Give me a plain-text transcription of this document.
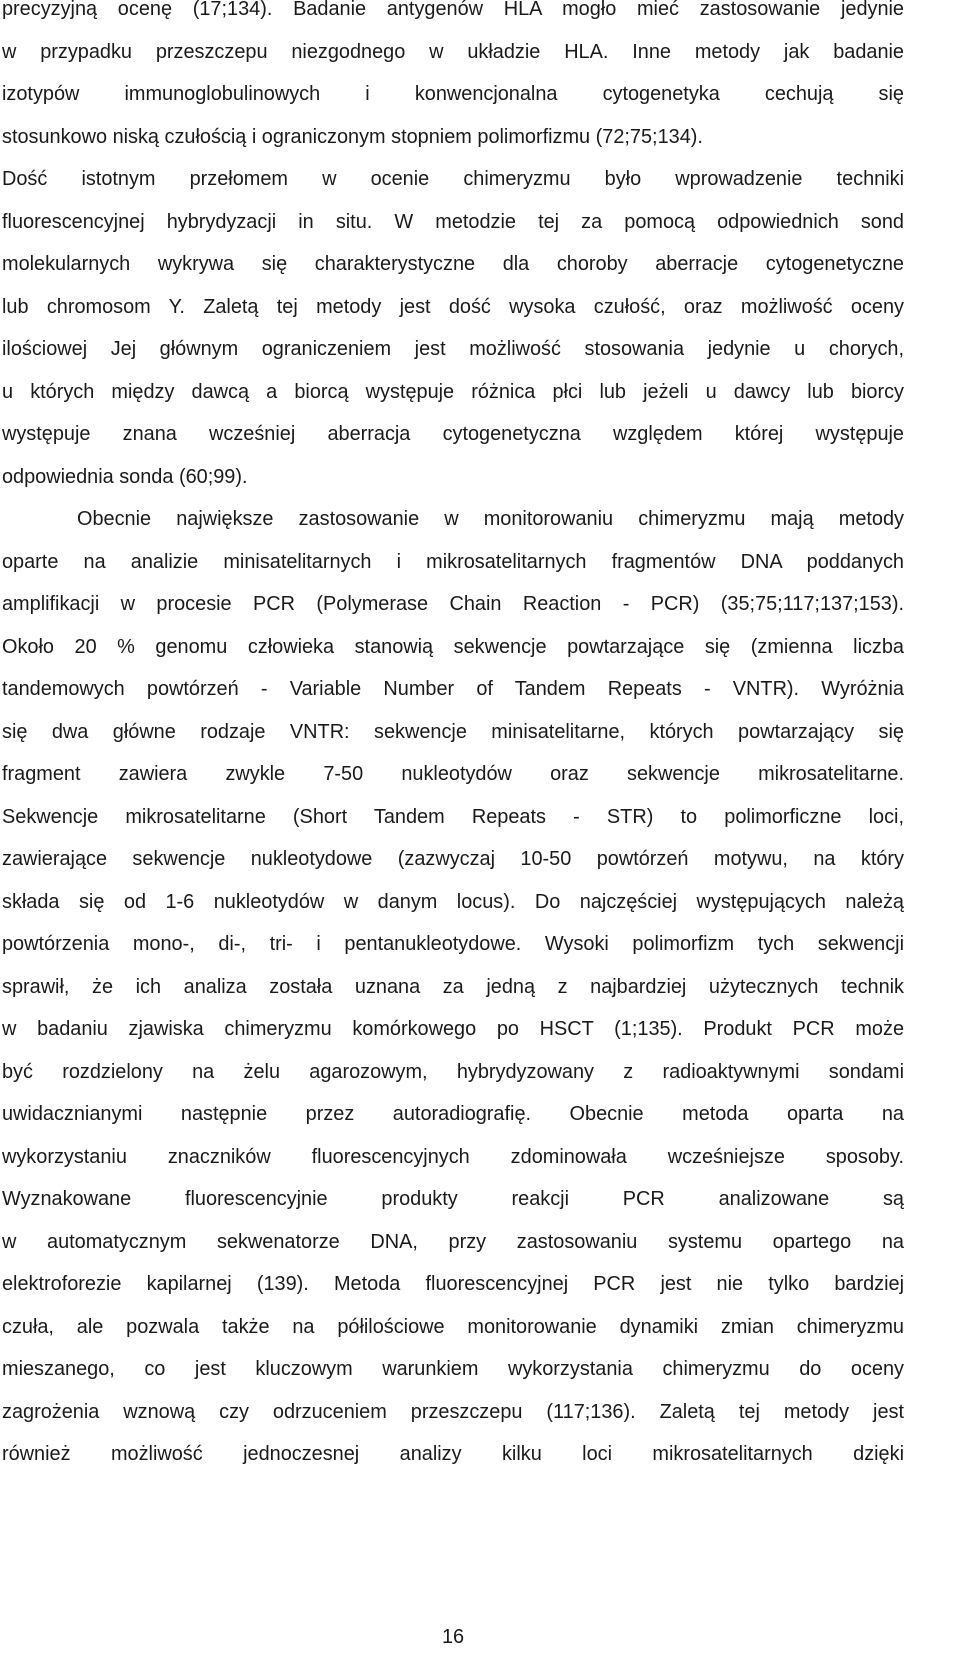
precyzyjną ocenę (17;134). Badanie antygenów HLA mogło mieć zastosowanie jedynie
w przypadku przeszczepu niezgodnego w układzie HLA. Inne metody jak badanie
izotypów immunoglobulinowych i konwencjonalna cytogenetyka cechują się
stosunkowo niską czułością i ograniczonym stopniem polimorfizmu (72;75;134).
Dość istotnym przełomem w ocenie chimeryzmu było wprowadzenie techniki
fluorescencyjnej hybrydyzacji in situ. W metodzie tej za pomocą odpowiednich sond
molekularnych wykrywa się charakterystyczne dla choroby aberracje cytogenetyczne
lub chromosom Y. Zaletą tej metody jest dość wysoka czułość, oraz możliwość oceny
ilościowej Jej głównym ograniczeniem jest możliwość stosowania jedynie u chorych,
u których między dawcą a biorcą występuje różnica płci lub jeżeli u dawcy lub biorcy
występuje znana wcześniej aberracja cytogenetyczna względem której występuje
odpowiednia sonda (60;99).
Obecnie największe zastosowanie w monitorowaniu chimeryzmu mają metody
oparte na analizie minisatelitarnych i mikrosatelitarnych fragmentów DNA poddanych
amplifikacji w procesie PCR (Polymerase Chain Reaction - PCR) (35;75;117;137;153).
Około 20 % genomu człowieka stanowią sekwencje powtarzające się (zmienna liczba
tandemowych powtórzeń - Variable Number of Tandem Repeats - VNTR). Wyróżnia
się dwa główne rodzaje VNTR: sekwencje minisatelitarne, których powtarzający się
fragment zawiera zwykle 7-50 nukleotydów oraz sekwencje mikrosatelitarne.
Sekwencje mikrosatelitarne (Short Tandem Repeats - STR) to polimorficzne loci,
zawierające sekwencje nukleotydowe (zazwyczaj 10-50 powtórzeń motywu, na który
składa się od 1-6 nukleotydów w danym locus). Do najczęściej występujących należą
powtórzenia mono-, di-, tri- i pentanukleotydowe. Wysoki polimorfizm tych sekwencji
sprawił, że ich analiza została uznana za jedną z najbardziej użytecznych technik
w badaniu zjawiska chimeryzmu komórkowego po HSCT (1;135). Produkt PCR może
być rozdzielony na żelu agarozowym, hybrydyzowany z radioaktywnymi sondami
uwidacznianymi następnie przez autoradiografię. Obecnie metoda oparta na
wykorzystaniu znaczników fluorescencyjnych zdominowała wcześniejsze sposoby.
Wyznakowane fluorescencyjnie produkty reakcji PCR analizowane są
w automatycznym sekwenatorze DNA, przy zastosowaniu systemu opartego na
elektroforezie kapilarnej (139). Metoda fluorescencyjnej PCR jest nie tylko bardziej
czuła, ale pozwala także na półilościowe monitorowanie dynamiki zmian chimeryzmu
mieszanego, co jest kluczowym warunkiem wykorzystania chimeryzmu do oceny
zagrożenia wznową czy odrzuceniem przeszczepu (117;136). Zaletą tej metody jest
również możliwość jednoczesnej analizy kilku loci mikrosatelitarnych dzięki
16
